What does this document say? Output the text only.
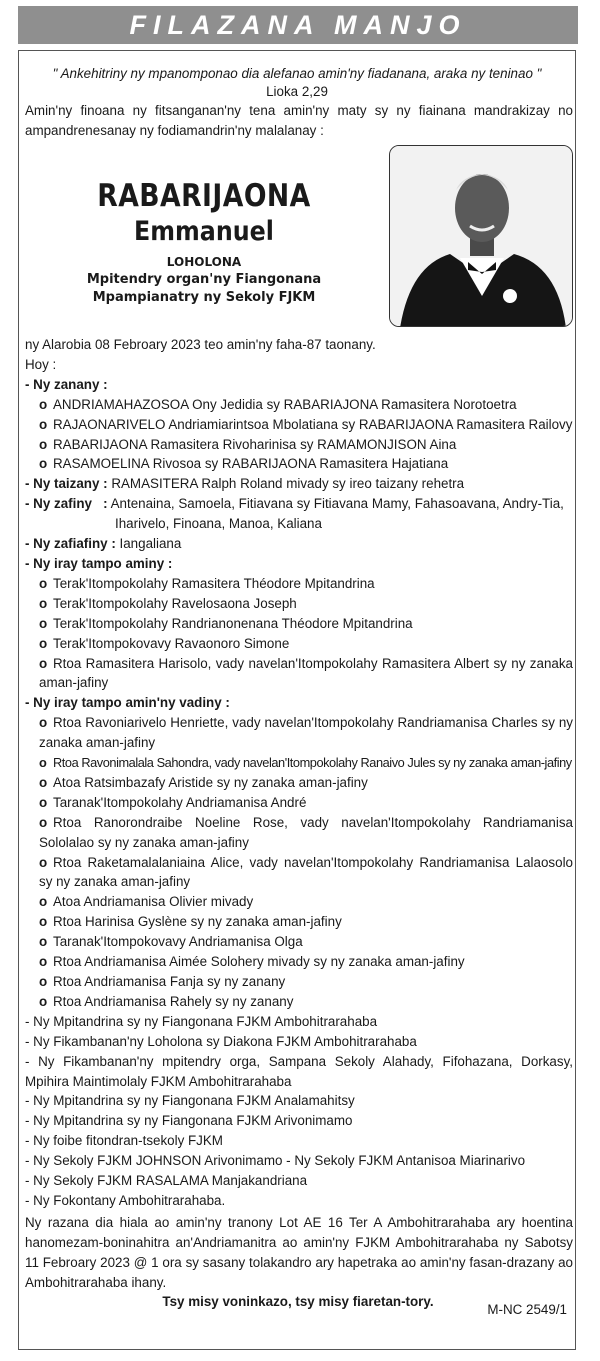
FILAZANA MANJO
" Ankehitriny ny mpanomponao dia alefanao amin'ny fiadanana, araka ny teninao "
Lioka 2,29
Amin'ny finoana ny fitsanganan'ny tena amin'ny maty sy ny fiainana mandrakizay no ampandrenesanay ny fodiamandrin'ny malalanay :
RABARIJAONA
Emmanuel
LOHOLONA
Mpitendry organ'ny Fiangonana
Mpampianatry ny Sekoly FJKM
ny Alarobia 08 Febroary 2023 teo amin'ny faha-87 taonany.
Hoy :
- Ny zanany :
o ANDRIAMAHAZOSOA Ony Jedidia sy RABARIAJONA Ramasitera Norotoetra
o RAJAONARIVELO Andriamiarintsoa Mbolatiana sy RABARIJAONA Ramasitera Railovy
o RABARIJAONA Ramasitera Rivoharinisa sy RAMAMONJISON Aina
o RASAMOELINA Rivosoa sy RABARIJAONA Ramasitera Hajatiana
- Ny taizany : RAMASITERA Ralph Roland mivady sy ireo taizany rehetra
- Ny zafiny : Antenaina, Samoela, Fitiavana sy Fitiavana Mamy, Fahasoavana, Andry-Tia,
Iharivelo, Finoana, Manoa, Kaliana
- Ny zafiafiny : Iangaliana
- Ny iray tampo aminy :
o Terak'Itompokolahy Ramasitera Théodore Mpitandrina
o Terak'Itompokolahy Ravelosaona Joseph
o Terak'Itompokolahy Randrianonenana Théodore Mpitandrina
o Terak'Itompokovavy Ravaonoro Simone
o Rtoa Ramasitera Harisolo, vady navelan'Itompokolahy Ramasitera Albert sy ny zanaka aman-jafiny
- Ny iray tampo amin'ny vadiny :
o Rtoa Ravoniarivelo Henriette, vady navelan'Itompokolahy Randriamanisa Charles sy ny zanaka aman-jafiny
o Rtoa Ravonimalala Sahondra, vady navelan'Itompokolahy Ranaivo Jules sy ny zanaka aman-jafiny
o Atoa Ratsimbazafy Aristide sy ny zanaka aman-jafiny
o Taranak'Itompokolahy Andriamanisa André
o Rtoa Ranorondraibe Noeline Rose, vady navelan'Itompokolahy Randriamanisa Sololalao sy ny zanaka aman-jafiny
o Rtoa Raketamalalaniaina Alice, vady navelan'Itompokolahy Randriamanisa Lalaosolo sy ny zanaka aman-jafiny
o Atoa Andriamanisa Olivier mivady
o Rtoa Harinisa Gyslène sy ny zanaka aman-jafiny
o Taranak'Itompokovavy Andriamanisa Olga
o Rtoa Andriamanisa Aimée Solohery mivady sy ny zanaka aman-jafiny
o Rtoa Andriamanisa Fanja sy ny zanany
o Rtoa Andriamanisa Rahely sy ny zanany
- Ny Mpitandrina sy ny Fiangonana FJKM Ambohitrarahaba
- Ny Fikambanan'ny Loholona sy Diakona FJKM Ambohitrarahaba
- Ny Fikambanan'ny mpitendry orga, Sampana Sekoly Alahady, Fifohazana, Dorkasy, Mpihira Maintimolaly FJKM Ambohitrarahaba
- Ny Mpitandrina sy ny Fiangonana FJKM Analamahitsy
- Ny Mpitandrina sy ny Fiangonana FJKM Arivonimamo
- Ny foibe fitondran-tsekoly FJKM
- Ny Sekoly FJKM JOHNSON Arivonimamo - Ny Sekoly FJKM Antanisoa Miarinarivo
- Ny Sekoly FJKM RASALAMA Manjakandriana
- Ny Fokontany Ambohitrarahaba.
Ny razana dia hiala ao amin'ny tranony Lot AE 16 Ter A Ambohitrarahaba ary hoentina hanomezam-boninahitra an'Andriamanitra ao amin'ny FJKM Ambohitrarahaba ny Sabotsy 11 Febroary 2023 @ 1 ora sy sasany tolakandro ary hapetraka ao amin'ny fasan-drazany ao Ambohitrarahaba ihany.
Tsy misy voninkazo, tsy misy fiaretan-tory.
M-NC 2549/1
